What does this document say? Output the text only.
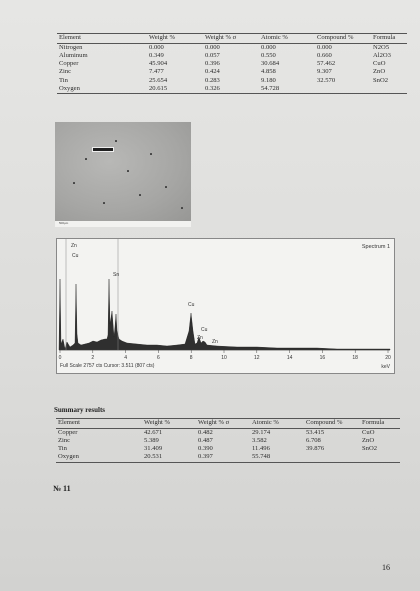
Element	Weight %	Weight % σ	Atomic %	Compound %	Formula
Nitrogen	0.000	0.000	0.000	0.000	N2O5
Aluminum	0.349	0.057	0.550	0.660	Al2O3
Copper	45.904	0.396	30.684	57.462	CuO
Zinc	7.477	0.424	4.858	9.307	ZnO
Tin	25.654	0.283	9.180	32.570	SnO2
Oxygen	20.615	0.326	54.728		
500µm
Spectrum 1
Zn
Cu
Sn
Cu
Cu
Zn
Zn
0	2	4	6	8	10	12	14	16	18	20
keV
Full Scale 2757 cts Cursor: 3.511 (807 cts)
Summary results
Element	Weight %	Weight % σ	Atomic %	Compound %	Formula
Copper	42.671	0.482	29.174	53.415	CuO
Zinc	5.389	0.487	3.582	6.708	ZnO
Tin	31.409	0.390	11.496	39.876	SnO2
Oxygen	20.531	0.397	55.748		
№ 11
16
